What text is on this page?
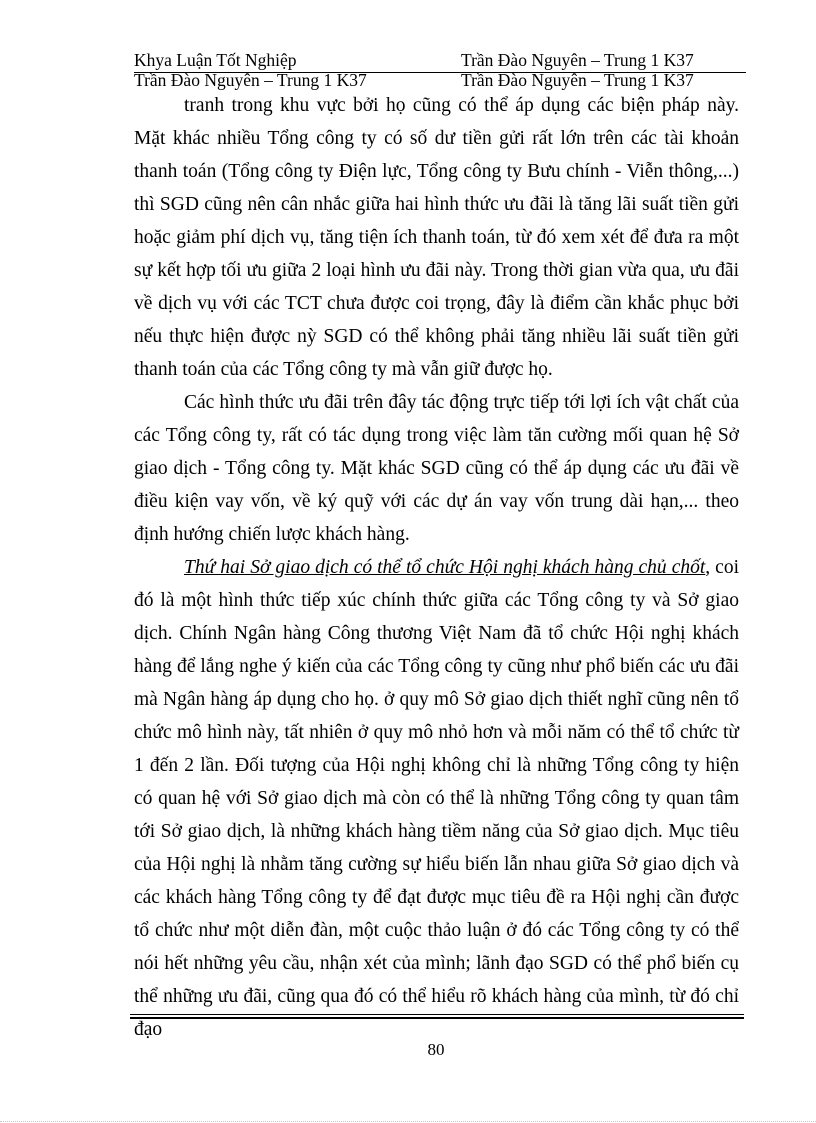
Khya Luận Tốt Nghiệp	Trần Đào Nguyên – Trung 1 K37
Trần Đào Nguyên – Trung 1 K37	Trần Đào Nguyên – Trung 1 K37

tranh trong khu vực bởi họ cũng có thể áp dụng các biện pháp này. Mặt khác nhiều Tổng công ty có số dư tiền gửi rất lớn trên các tài khoản thanh toán (Tổng công ty Điện lực, Tổng công ty Bưu chính - Viễn thông,...) thì SGD cũng nên cân nhắc giữa hai hình thức ưu đãi là tăng lãi suất tiền gửi hoặc giảm phí dịch vụ, tăng tiện ích thanh toán, từ đó xem xét để đưa ra một sự kết hợp tối ưu giữa 2 loại hình ưu đãi này. Trong thời gian vừa qua, ưu đãi về dịch vụ với các TCT chưa được coi trọng, đây là điểm cần khắc phục bởi nếu thực hiện được nỳ SGD có thể không phải tăng nhiều lãi suất tiền gửi thanh toán của các Tổng công ty mà vẫn giữ được họ.

Các hình thức ưu đãi trên đây tác động trực tiếp tới lợi ích vật chất của các Tổng công ty, rất có tác dụng trong việc làm tăn cường mối quan hệ Sở giao dịch - Tổng công ty. Mặt khác SGD cũng có thể áp dụng các ưu đãi về điều kiện vay vốn, về ký quỹ với các dự án vay vốn trung dài hạn,... theo định hướng chiến lược khách hàng.

Thứ hai Sở giao dịch có thể tổ chức Hội nghị khách hàng chủ chốt, coi đó là một hình thức tiếp xúc chính thức giữa các Tổng công ty và Sở giao dịch. Chính Ngân hàng Công thương Việt Nam đã tổ chức Hội nghị khách hàng để lắng nghe ý kiến của các Tổng công ty cũng như phổ biến các ưu đãi mà Ngân hàng áp dụng cho họ. ở quy mô Sở giao dịch thiết nghĩ cũng nên tổ chức mô hình này, tất nhiên ở quy mô nhỏ hơn và mỗi năm có thể tổ chức từ 1 đến 2 lần. Đối tượng của Hội nghị không chỉ là những Tổng công ty hiện có quan hệ với Sở giao dịch mà còn có thể là những Tổng công ty quan tâm tới Sở giao dịch, là những khách hàng tiềm năng của Sở giao dịch. Mục tiêu của Hội nghị là nhằm tăng cường sự hiểu biến lẫn nhau giữa Sở giao dịch và các khách hàng Tổng công ty để đạt được mục tiêu đề ra Hội nghị cần được tổ chức như một diễn đàn, một cuộc thảo luận ở đó các Tổng công ty có thể nói hết những yêu cầu, nhận xét của mình; lãnh đạo SGD có thể phổ biến cụ thể những ưu đãi, cũng qua đó có thể hiểu rõ khách hàng của mình, từ đó chỉ đạo

80
